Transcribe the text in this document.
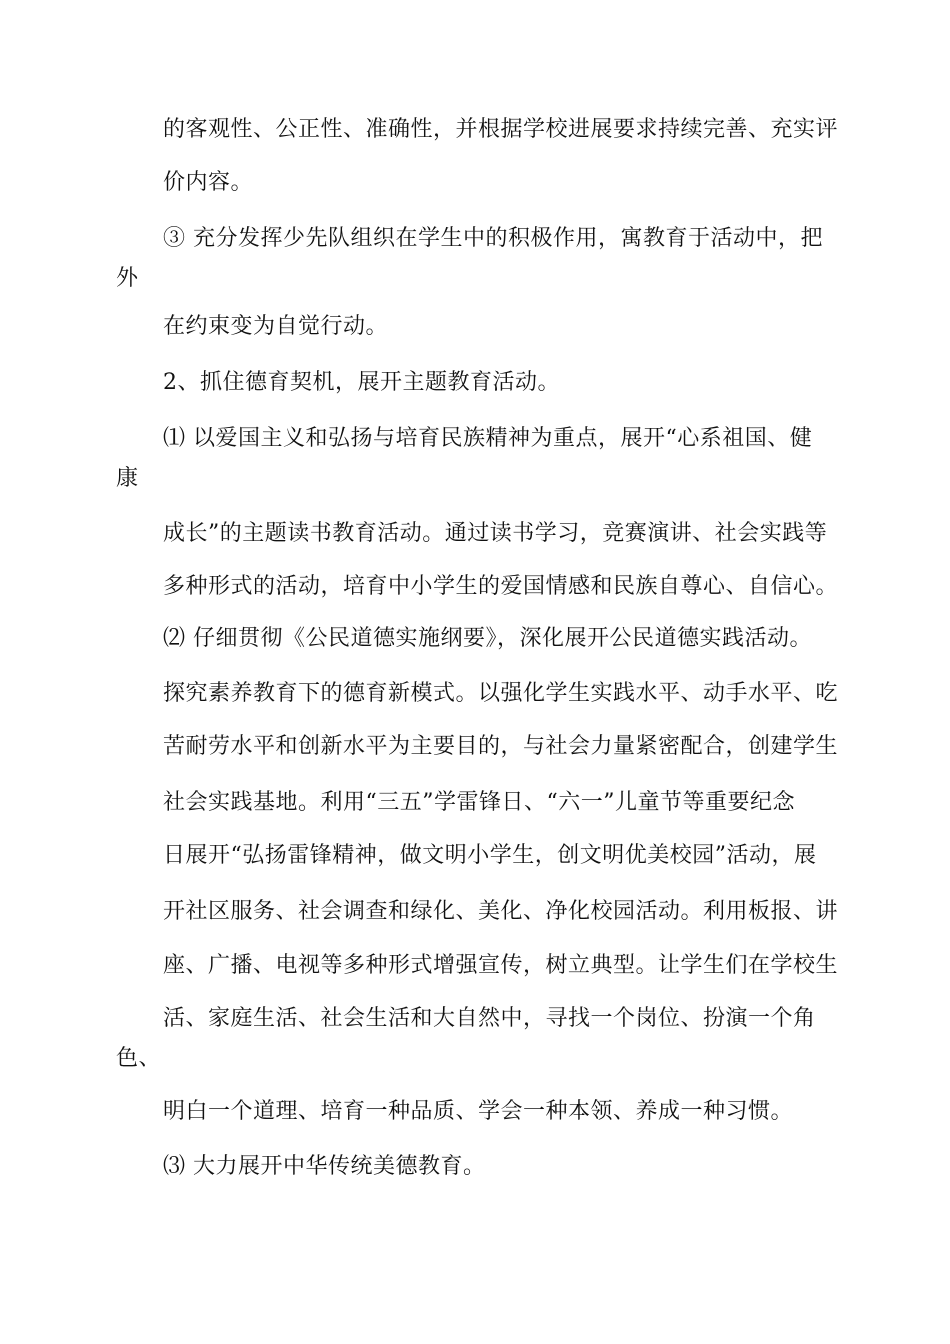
的客观性、公正性、准确性，并根据学校进展要求持续完善、充实评
价内容。
③ 充分发挥少先队组织在学生中的积极作用，寓教育于活动中，把
外
在约束变为自觉行动。
2、抓住德育契机，展开主题教育活动。
⑴ 以爱国主义和弘扬与培育民族精神为重点，展开“心系祖国、健
康
成长”的主题读书教育活动。通过读书学习，竞赛演讲、社会实践等
多种形式的活动，培育中小学生的爱国情感和民族自尊心、自信心。
⑵ 仔细贯彻《公民道德实施纲要》，深化展开公民道德实践活动。
探究素养教育下的德育新模式。以强化学生实践水平、动手水平、吃
苦耐劳水平和创新水平为主要目的，与社会力量紧密配合，创建学生
社会实践基地。利用“三五”学雷锋日、“六一”儿童节等重要纪念
日展开“弘扬雷锋精神，做文明小学生，创文明优美校园”活动，展
开社区服务、社会调查和绿化、美化、净化校园活动。利用板报、讲
座、广播、电视等多种形式增强宣传，树立典型。让学生们在学校生
活、家庭生活、社会生活和大自然中，寻找一个岗位、扮演一个角
色、
明白一个道理、培育一种品质、学会一种本领、养成一种习惯。
⑶ 大力展开中华传统美德教育。
